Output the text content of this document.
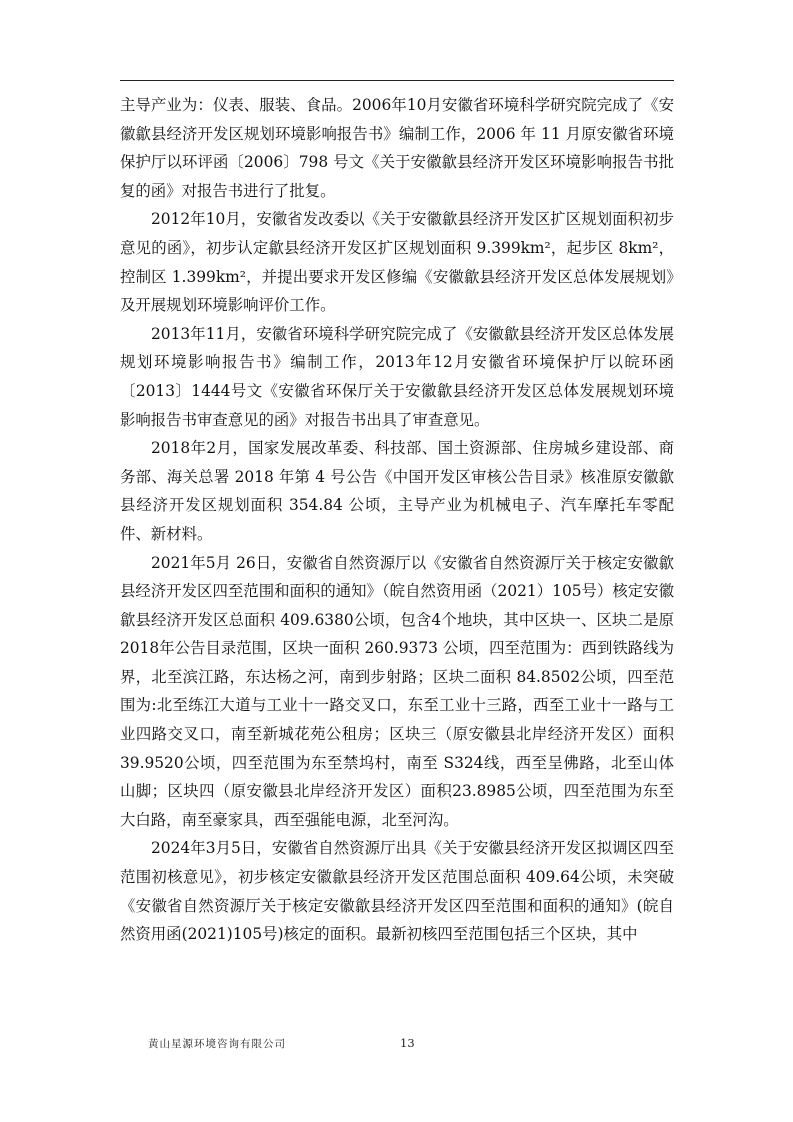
主导产业为：仪表、服装、食品。2006年10月安徽省环境科学研究院完成了《安徽歙县经济开发区规划环境影响报告书》编制工作，2006 年 11 月原安徽省环境保护厅以环评函〔2006〕798 号文《关于安徽歙县经济开发区环境影响报告书批复的函》对报告书进行了批复。

2012年10月，安徽省发改委以《关于安徽歙县经济开发区扩区规划面积初步意见的函》，初步认定歙县经济开发区扩区规划面积 9.399km²，起步区 8km²，控制区 1.399km²，并提出要求开发区修编《安徽歙县经济开发区总体发展规划》及开展规划环境影响评价工作。

2013年11月，安徽省环境科学研究院完成了《安徽歙县经济开发区总体发展规划环境影响报告书》编制工作，2013年12月安徽省环境保护厅以皖环函〔2013〕1444号文《安徽省环保厅关于安徽歙县经济开发区总体发展规划环境影响报告书审查意见的函》对报告书出具了审查意见。

2018年2月，国家发展改革委、科技部、国土资源部、住房城乡建设部、商务部、海关总署 2018 年第 4 号公告《中国开发区审核公告目录》核准原安徽歙县经济开发区规划面积 354.84 公顷，主导产业为机械电子、汽车摩托车零配件、新材料。

2021年5月 26日，安徽省自然资源厅以《安徽省自然资源厅关于核定安徽歙县经济开发区四至范围和面积的通知》（皖自然资用函（2021）105号）核定安徽歙县经济开发区总面积 409.6380公顷，包含4个地块，其中区块一、区块二是原2018年公告目录范围，区块一面积 260.9373 公顷，四至范围为：西到铁路线为界，北至滨江路，东达杨之河，南到步射路；区块二面积 84.8502公顷，四至范围为:北至练江大道与工业十一路交叉口，东至工业十三路，西至工业十一路与工业四路交叉口，南至新城花苑公租房；区块三（原安徽县北岸经济开发区）面积 39.9520公顷，四至范围为东至禁坞村，南至 S324线，西至呈佛路，北至山体山脚；区块四（原安徽县北岸经济开发区）面积23.8985公顷，四至范围为东至大白路，南至豪家具，西至强能电源，北至河沟。

2024年3月5日，安徽省自然资源厅出具《关于安徽县经济开发区拟调区四至范围初核意见》，初步核定安徽歙县经济开发区范围总面积 409.64公顷，未突破《安徽省自然资源厅关于核定安徽歙县经济开发区四至范围和面积的通知》(皖自然资用函(2021)105号)核定的面积。最新初核四至范围包括三个区块，其中

黄山星源环境咨询有限公司	13
